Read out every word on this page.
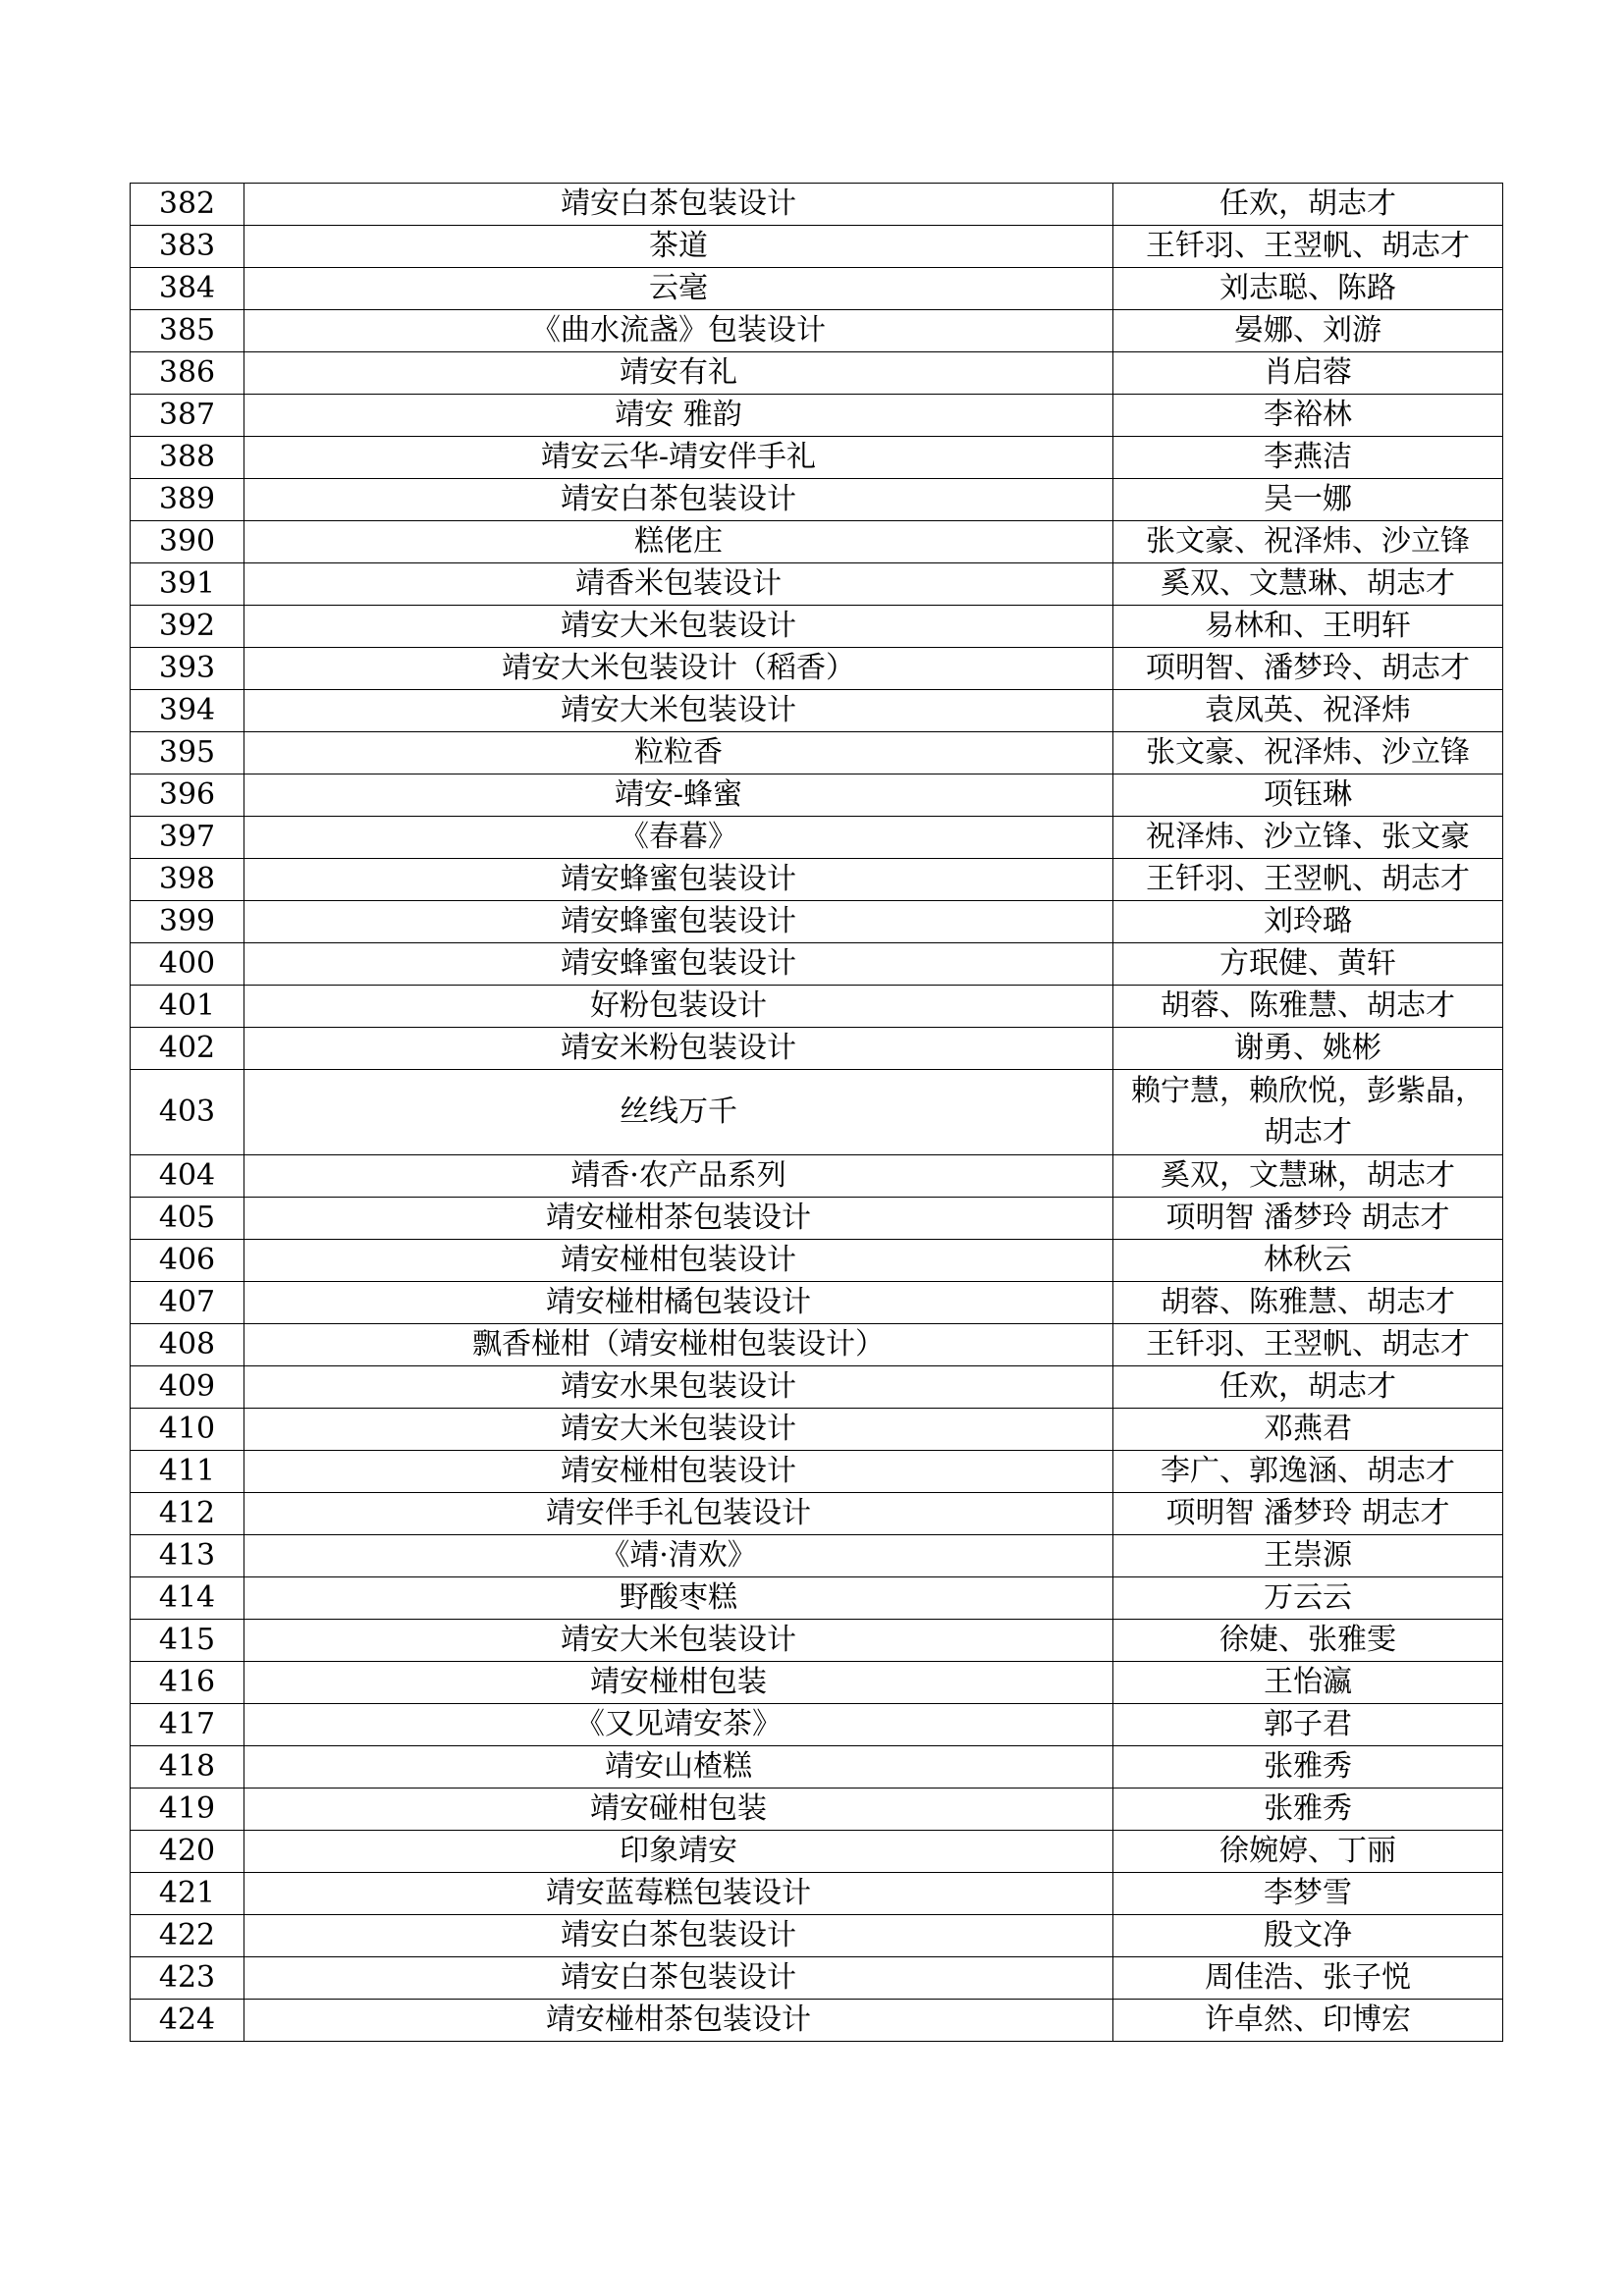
382	靖安白茶包装设计	任欢，胡志才
383	茶道	王钎羽、王翌帆、胡志才
384	云毫	刘志聪、陈路
385	《曲水流盏》包装设计	晏娜、刘游
386	靖安有礼	肖启蓉
387	靖安 雅韵	李裕林
388	靖安云华-靖安伴手礼	李燕洁
389	靖安白茶包装设计	吴一娜
390	糕佬庄	张文豪、祝泽炜、沙立锋
391	靖香米包装设计	奚双、文慧琳、胡志才
392	靖安大米包装设计	易林和、王明轩
393	靖安大米包装设计（稻香）	项明智、潘梦玲、胡志才
394	靖安大米包装设计	袁凤英、祝泽炜
395	粒粒香	张文豪、祝泽炜、沙立锋
396	靖安-蜂蜜	项钰琳
397	《春暮》	祝泽炜、沙立锋、张文豪
398	靖安蜂蜜包装设计	王钎羽、王翌帆、胡志才
399	靖安蜂蜜包装设计	刘玲璐
400	靖安蜂蜜包装设计	方珉健、黄轩
401	好粉包装设计	胡蓉、陈雅慧、胡志才
402	靖安米粉包装设计	谢勇、姚彬
403	丝线万千	赖宁慧，赖欣悦，彭紫晶，胡志才
404	靖香·农产品系列	奚双，文慧琳，胡志才
405	靖安椪柑茶包装设计	项明智 潘梦玲 胡志才
406	靖安椪柑包装设计	林秋云
407	靖安椪柑橘包装设计	胡蓉、陈雅慧、胡志才
408	飘香椪柑（靖安椪柑包装设计）	王钎羽、王翌帆、胡志才
409	靖安水果包装设计	任欢，胡志才
410	靖安大米包装设计	邓燕君
411	靖安椪柑包装设计	李广、郭逸涵、胡志才
412	靖安伴手礼包装设计	项明智 潘梦玲 胡志才
413	《靖·清欢》	王崇源
414	野酸枣糕	万云云
415	靖安大米包装设计	徐婕、张雅雯
416	靖安椪柑包装	王怡瀛
417	《又见靖安茶》	郭子君
418	靖安山楂糕	张雅秀
419	靖安碰柑包装	张雅秀
420	印象靖安	徐婉婷、丁丽
421	靖安蓝莓糕包装设计	李梦雪
422	靖安白茶包装设计	殷文净
423	靖安白茶包装设计	周佳浩、张子悦
424	靖安椪柑茶包装设计	许卓然、印博宏
